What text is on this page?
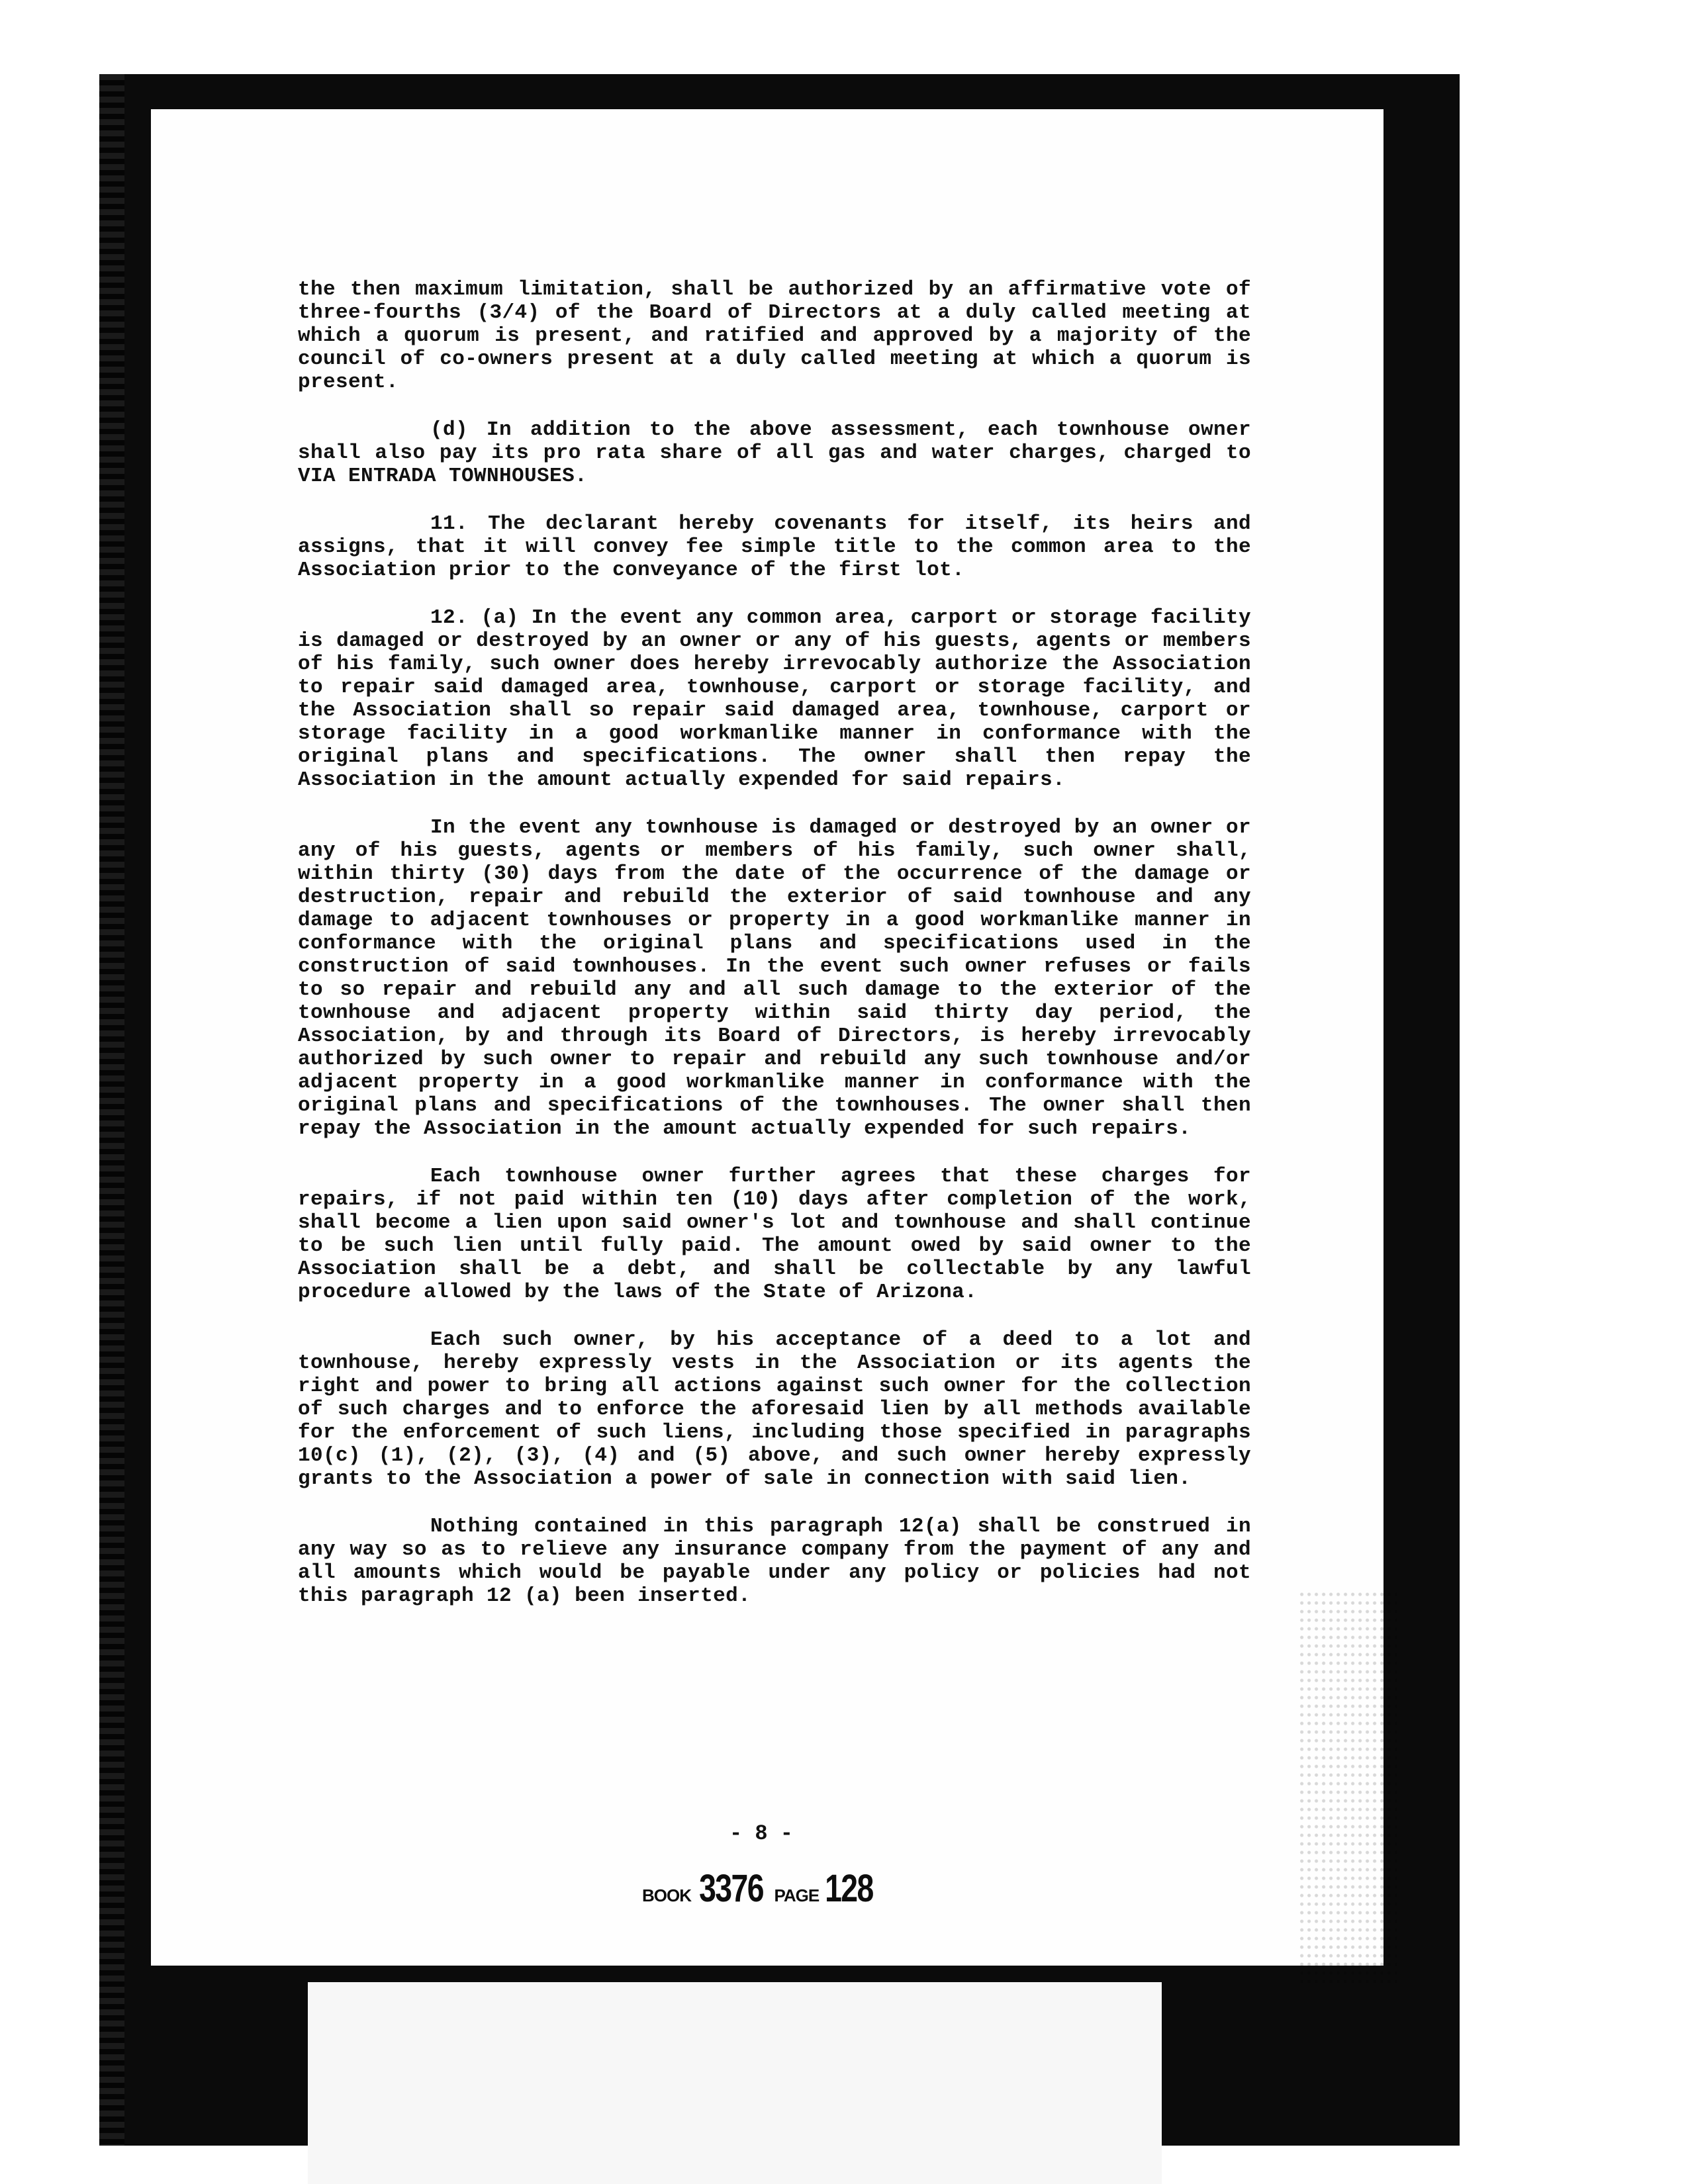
the then maximum limitation, shall be authorized by an affirmative vote of three-fourths (3/4) of the Board of Directors at a duly called meeting at which a quorum is present, and ratified and approved by a majority of the council of co-owners present at a duly called meeting at which a quorum is present.

(d) In addition to the above assessment, each townhouse owner shall also pay its pro rata share of all gas and water charges, charged to VIA ENTRADA TOWNHOUSES.

11. The declarant hereby covenants for itself, its heirs and assigns, that it will convey fee simple title to the common area to the Association prior to the conveyance of the first lot.

12. (a) In the event any common area, carport or storage facility is damaged or destroyed by an owner or any of his guests, agents or members of his family, such owner does hereby irrevocably authorize the Association to repair said damaged area, townhouse, carport or storage facility, and the Association shall so repair said damaged area, townhouse, carport or storage facility in a good workmanlike manner in conformance with the original plans and specifications. The owner shall then repay the Association in the amount actually expended for said repairs.

In the event any townhouse is damaged or destroyed by an owner or any of his guests, agents or members of his family, such owner shall, within thirty (30) days from the date of the occurrence of the damage or destruction, repair and rebuild the exterior of said townhouse and any damage to adjacent townhouses or property in a good workmanlike manner in conformance with the original plans and specifications used in the construction of said townhouses. In the event such owner refuses or fails to so repair and rebuild any and all such damage to the exterior of the townhouse and adjacent property within said thirty day period, the Association, by and through its Board of Directors, is hereby irrevocably authorized by such owner to repair and rebuild any such townhouse and/or adjacent property in a good workmanlike manner in conformance with the original plans and specifications of the townhouses. The owner shall then repay the Association in the amount actually expended for such repairs.

Each townhouse owner further agrees that these charges for repairs, if not paid within ten (10) days after completion of the work, shall become a lien upon said owner's lot and townhouse and shall continue to be such lien until fully paid. The amount owed by said owner to the Association shall be a debt, and shall be collectable by any lawful procedure allowed by the laws of the State of Arizona.

Each such owner, by his acceptance of a deed to a lot and townhouse, hereby expressly vests in the Association or its agents the right and power to bring all actions against such owner for the collection of such charges and to enforce the aforesaid lien by all methods available for the enforcement of such liens, including those specified in paragraphs 10(c) (1), (2), (3), (4) and (5) above, and such owner hereby expressly grants to the Association a power of sale in connection with said lien.

Nothing contained in this paragraph 12(a) shall be construed in any way so as to relieve any insurance company from the payment of any and all amounts which would be payable under any policy or policies had not this paragraph 12 (a) been inserted.

- 8 -
BOOK 3376 PAGE 128
